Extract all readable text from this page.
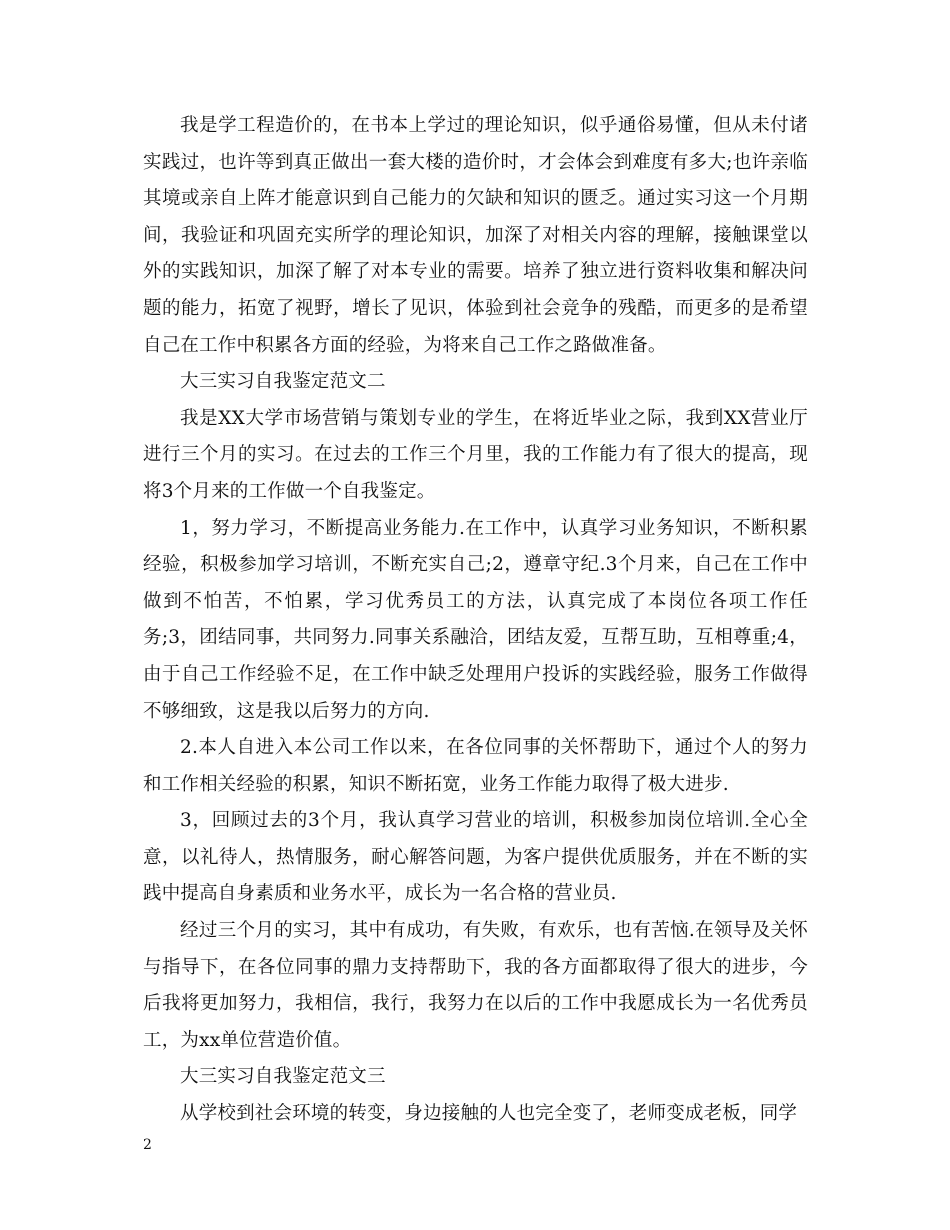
我是学工程造价的，在书本上学过的理论知识，似乎通俗易懂，但从未付诸实践过，也许等到真正做出一套大楼的造价时，才会体会到难度有多大;也许亲临其境或亲自上阵才能意识到自己能力的欠缺和知识的匮乏。通过实习这一个月期间，我验证和巩固充实所学的理论知识，加深了对相关内容的理解，接触课堂以外的实践知识，加深了解了对本专业的需要。培养了独立进行资料收集和解决问题的能力，拓宽了视野，增长了见识，体验到社会竞争的残酷，而更多的是希望自己在工作中积累各方面的经验，为将来自己工作之路做准备。

大三实习自我鉴定范文二

我是XX大学市场营销与策划专业的学生，在将近毕业之际，我到XX营业厅进行三个月的实习。在过去的工作三个月里，我的工作能力有了很大的提高，现将3个月来的工作做一个自我鉴定。

1，努力学习，不断提高业务能力.在工作中，认真学习业务知识，不断积累经验，积极参加学习培训，不断充实自己;2，遵章守纪.3个月来，自己在工作中做到不怕苦，不怕累，学习优秀员工的方法，认真完成了本岗位各项工作任务;3，团结同事，共同努力.同事关系融洽，团结友爱，互帮互助，互相尊重;4，由于自己工作经验不足，在工作中缺乏处理用户投诉的实践经验，服务工作做得不够细致，这是我以后努力的方向.

2.本人自进入本公司工作以来，在各位同事的关怀帮助下，通过个人的努力和工作相关经验的积累，知识不断拓宽，业务工作能力取得了极大进步.

3，回顾过去的3个月，我认真学习营业的培训，积极参加岗位培训.全心全意，以礼待人，热情服务，耐心解答问题，为客户提供优质服务，并在不断的实践中提高自身素质和业务水平，成长为一名合格的营业员.

经过三个月的实习，其中有成功，有失败，有欢乐，也有苦恼.在领导及关怀与指导下，在各位同事的鼎力支持帮助下，我的各方面都取得了很大的进步，今后我将更加努力，我相信，我行，我努力在以后的工作中我愿成长为一名优秀员工，为xx单位营造价值。

大三实习自我鉴定范文三

从学校到社会环境的转变，身边接触的人也完全变了，老师变成老板，同学

2
